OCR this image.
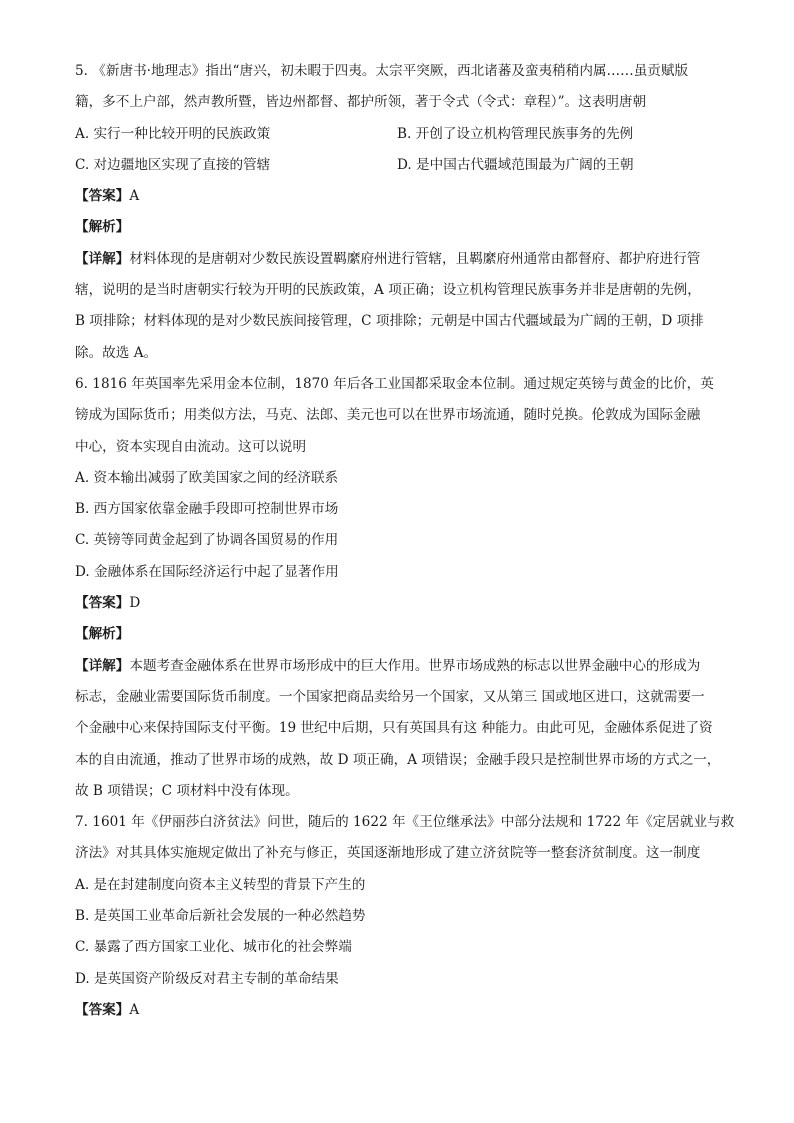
5. 《新唐书·地理志》指出“唐兴，初未暇于四夷。太宗平突厥，西北诸蕃及蛮夷稍稍内属……虽贡赋版
籍，多不上户部，然声教所暨，皆边州都督、都护所领，著于令式（令式：章程）”。这表明唐朝
A. 实行一种比较开明的民族政策	B. 开创了设立机构管理民族事务的先例
C. 对边疆地区实现了直接的管辖	D. 是中国古代疆域范围最为广阔的王朝
【答案】A
【解析】
【详解】材料体现的是唐朝对少数民族设置羁縻府州进行管辖，且羁縻府州通常由都督府、都护府进行管
辖，说明的是当时唐朝实行较为开明的民族政策，A 项正确；设立机构管理民族事务并非是唐朝的先例，
B 项排除；材料体现的是对少数民族间接管理，C 项排除；元朝是中国古代疆域最为广阔的王朝，D 项排
除。故选 A。
6. 1816 年英国率先采用金本位制，1870 年后各工业国都采取金本位制。通过规定英镑与黄金的比价，英
镑成为国际货币；用类似方法，马克、法郎、美元也可以在世界市场流通，随时兑换。伦敦成为国际金融
中心，资本实现自由流动。这可以说明
A. 资本输出减弱了欧美国家之间的经济联系
B. 西方国家依靠金融手段即可控制世界市场
C. 英镑等同黄金起到了协调各国贸易的作用
D. 金融体系在国际经济运行中起了显著作用
【答案】D
【解析】
【详解】本题考查金融体系在世界市场形成中的巨大作用。世界市场成熟的标志以世界金融中心的形成为
标志，金融业需要国际货币制度。一个国家把商品卖给另一个国家，又从第三 国或地区进口，这就需要一
个金融中心来保持国际支付平衡。19 世纪中后期，只有英国具有这 种能力。由此可见，金融体系促进了资
本的自由流通，推动了世界市场的成熟，故 D 项正确，A 项错误；金融手段只是控制世界市场的方式之一，
故 B 项错误；C 项材料中没有体现。
7. 1601 年《伊丽莎白济贫法》问世，随后的 1622 年《王位继承法》中部分法规和 1722 年《定居就业与救
济法》对其具体实施规定做出了补充与修正，英国逐渐地形成了建立济贫院等一整套济贫制度。这一制度
A. 是在封建制度向资本主义转型的背景下产生的
B. 是英国工业革命后新社会发展的一种必然趋势
C. 暴露了西方国家工业化、城市化的社会弊端
D. 是英国资产阶级反对君主专制的革命结果
【答案】A
